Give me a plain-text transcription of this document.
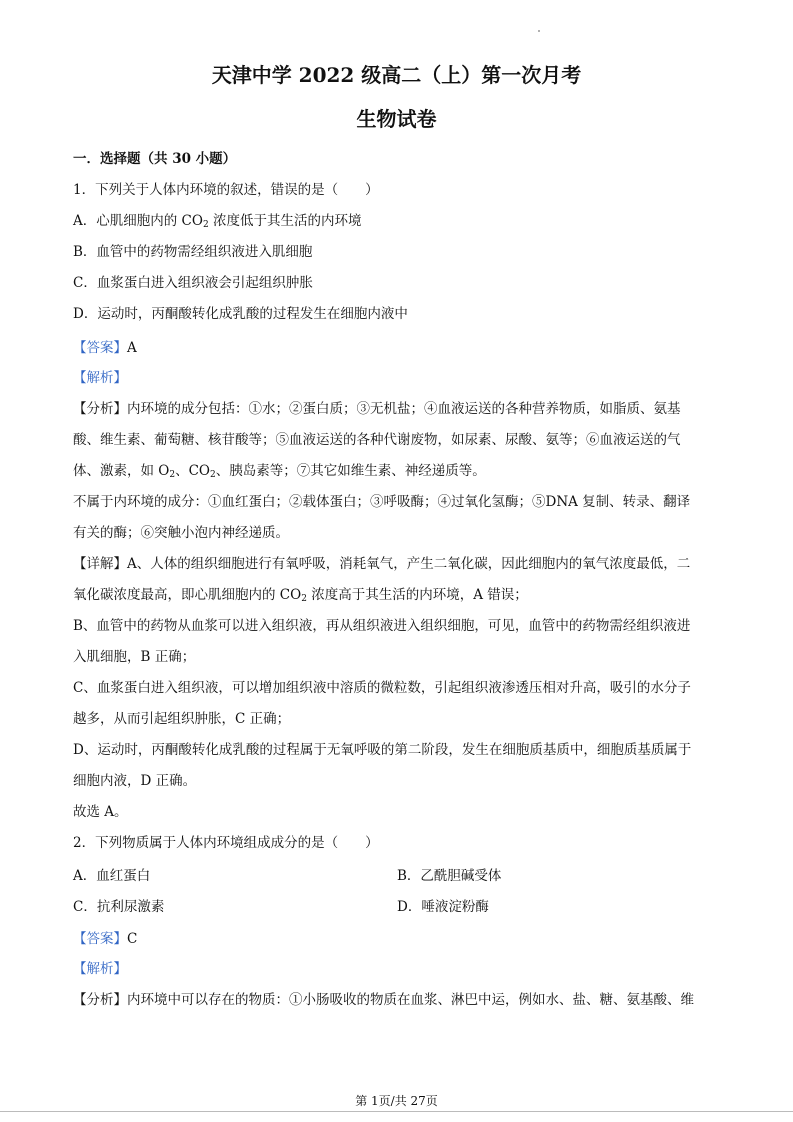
天津中学 2022 级高二（上）第一次月考
生物试卷
一．选择题（共 30 小题）
1．下列关于人体内环境的叙述，错误的是（　　）
A．心肌细胞内的 $CO_2$ 浓度低于其生活的内环境
B．血管中的药物需经组织液进入肌细胞
C．血浆蛋白进入组织液会引起组织肿胀
D．运动时，丙酮酸转化成乳酸的过程发生在细胞内液中
【答案】A
【解析】
【分析】内环境的成分包括：①水；②蛋白质；③无机盐；④血液运送的各种营养物质，如脂质、氨基
酸、维生素、葡萄糖、核苷酸等；⑤血液运送的各种代谢废物，如尿素、尿酸、氨等；⑥血液运送的气
体、激素，如 $O_2$、$CO_2$、胰岛素等；⑦其它如维生素、神经递质等。
不属于内环境的成分：①血红蛋白；②载体蛋白；③呼吸酶；④过氧化氢酶；⑤DNA 复制、转录、翻译
有关的酶；⑥突触小泡内神经递质。
【详解】A、人体的组织细胞进行有氧呼吸，消耗氧气，产生二氧化碳，因此细胞内的氧气浓度最低，二
氧化碳浓度最高，即心肌细胞内的 $CO_2$ 浓度高于其生活的内环境，A 错误；
B、血管中的药物从血浆可以进入组织液，再从组织液进入组织细胞，可见，血管中的药物需经组织液进
入肌细胞，B 正确；
C、血浆蛋白进入组织液，可以增加组织液中溶质的微粒数，引起组织液渗透压相对升高，吸引的水分子
越多，从而引起组织肿胀，C 正确；
D、运动时，丙酮酸转化成乳酸的过程属于无氧呼吸的第二阶段，发生在细胞质基质中，细胞质基质属于
细胞内液，D 正确。
故选 A。
2．下列物质属于人体内环境组成成分的是（　　）
A．血红蛋白	B．乙酰胆碱受体
C．抗利尿激素	D．唾液淀粉酶
【答案】C
【解析】
【分析】内环境中可以存在的物质：①小肠吸收的物质在血浆、淋巴中运，例如水、盐、糖、氨基酸、维
第 1页/共 27页
